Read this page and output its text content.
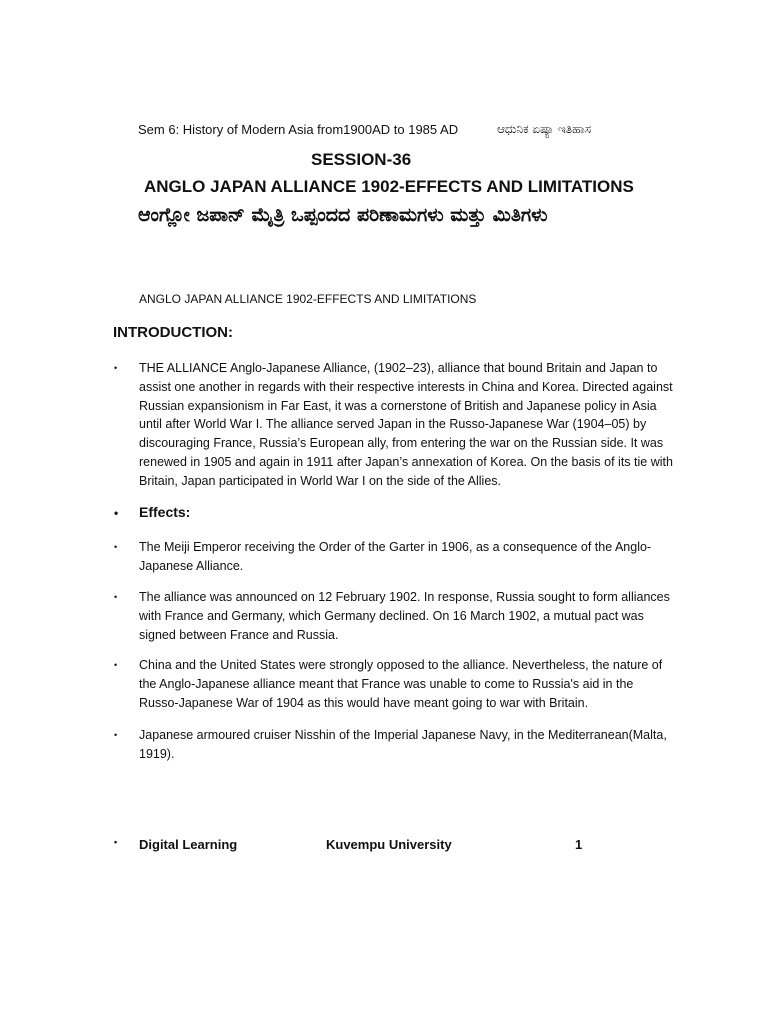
Sem 6: History of Modern Asia from1900AD to 1985 AD	ಆಧುನಿಕ ಏಷ್ಯಾ ಇತಿಹಾಸ
SESSION-36
ANGLO JAPAN ALLIANCE 1902-EFFECTS AND LIMITATIONS
ಆಂಗ್ಲೋ ಜಪಾನ್ ಮೈತ್ರಿ ಒಪ್ಪಂದದ ಪರಿಣಾಮಗಳು ಮತ್ತು ಮಿತಿಗಳು
ANGLO JAPAN ALLIANCE 1902-EFFECTS AND LIMITATIONS
INTRODUCTION:
• THE ALLIANCE Anglo-Japanese Alliance, (1902–23), alliance that bound Britain and Japan to assist one another in regards with their respective interests in China and Korea. Directed against Russian expansionism in Far East, it was a cornerstone of British and Japanese policy in Asia until after World War I. The alliance served Japan in the Russo-Japanese War (1904–05) by discouraging France, Russia’s European ally, from entering the war on the Russian side. It was renewed in 1905 and again in 1911 after Japan’s annexation of Korea. On the basis of its tie with Britain, Japan participated in World War I on the side of the Allies.
• Effects:
• The Meiji Emperor receiving the Order of the Garter in 1906, as a consequence of the Anglo-Japanese Alliance.
• The alliance was announced on 12 February 1902. In response, Russia sought to form alliances with France and Germany, which Germany declined. On 16 March 1902, a mutual pact was signed between France and Russia.
• China and the United States were strongly opposed to the alliance. Nevertheless, the nature of the Anglo-Japanese alliance meant that France was unable to come to Russia's aid in the Russo-Japanese War of 1904 as this would have meant going to war with Britain.
• Japanese armoured cruiser Nisshin of the Imperial Japanese Navy, in the Mediterranean(Malta, 1919).
• Digital Learning	Kuvempu University	1
